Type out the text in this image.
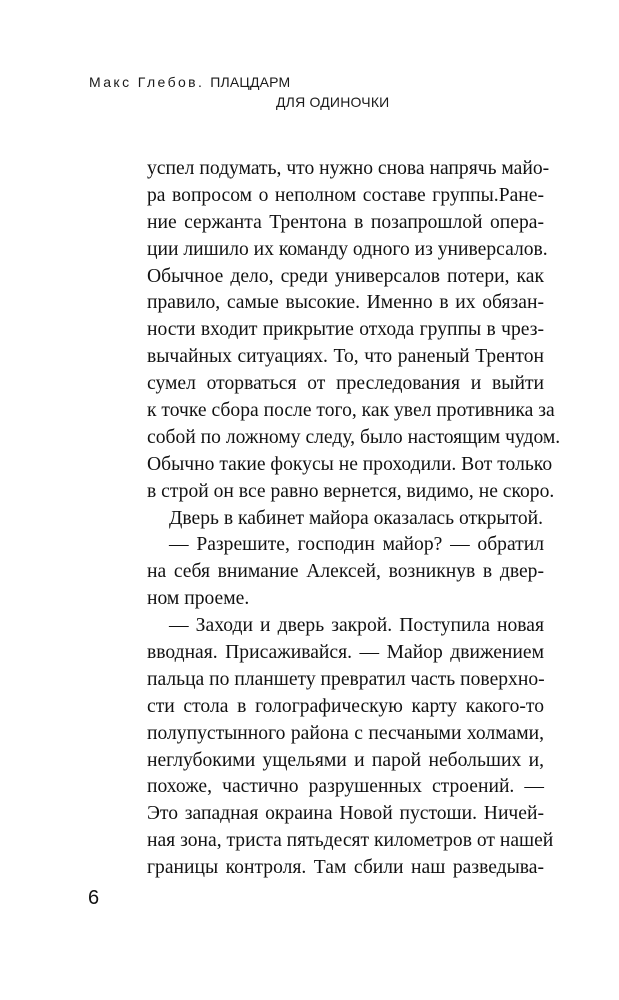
Макс Глебов. ПЛАЦДАРМ
ДЛЯ ОДИНОЧКИ
успел подумать, что нужно снова напрячь майо-
ра вопросом о неполном составе группы.Ране-
ние сержанта Трентона в позапрошлой опера-
ции лишило их команду одного из универсалов.
Обычное дело, среди универсалов потери, как
правило, самые высокие. Именно в их обязан-
ности входит прикрытие отхода группы в чрез-
вычайных ситуациях. То, что раненый Трентон
сумел оторваться от преследования и выйти
к точке сбора после того, как увел противника за
собой по ложному следу, было настоящим чудом.
Обычно такие фокусы не проходили. Вот только
в строй он все равно вернется, видимо, не скоро.
Дверь в кабинет майора оказалась открытой.
— Разрешите, господин майор? — обратил
на себя внимание Алексей, возникнув в двер-
ном проеме.
— Заходи и дверь закрой. Поступила новая
вводная. Присаживайся. — Майор движением
пальца по планшету превратил часть поверхно-
сти стола в голографическую карту какого-то
полупустынного района с песчаными холмами,
неглубокими ущельями и парой небольших и,
похоже, частично разрушенных строений. —
Это западная окраина Новой пустоши. Ничей-
ная зона, триста пятьдесят километров от нашей
границы контроля. Там сбили наш разведыва-
6
